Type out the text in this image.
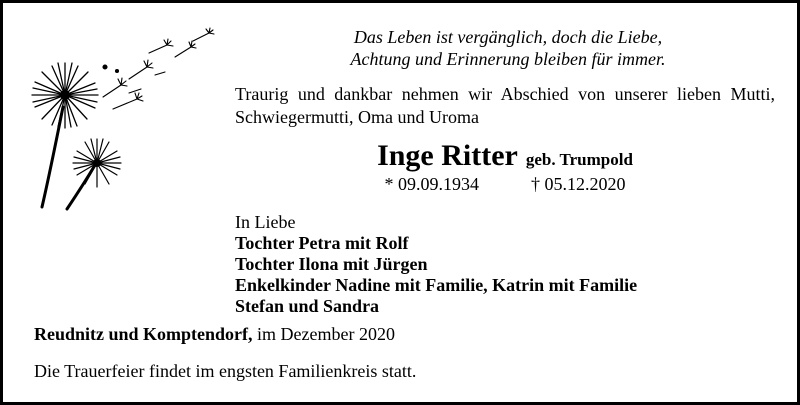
Das Leben ist vergänglich, doch die Liebe,
Achtung und Erinnerung bleiben für immer.
Traurig und dankbar nehmen wir Abschied von unserer lieben Mutti,
Schwiegermutti, Oma und Uroma
Inge Ritter geb. Trumpold
* 09.09.1934	† 05.12.2020
In Liebe
Tochter Petra mit Rolf
Tochter Ilona mit Jürgen
Enkelkinder Nadine mit Familie, Katrin mit Familie
Stefan und Sandra
Reudnitz und Komptendorf, im Dezember 2020
Die Trauerfeier findet im engsten Familienkreis statt.
